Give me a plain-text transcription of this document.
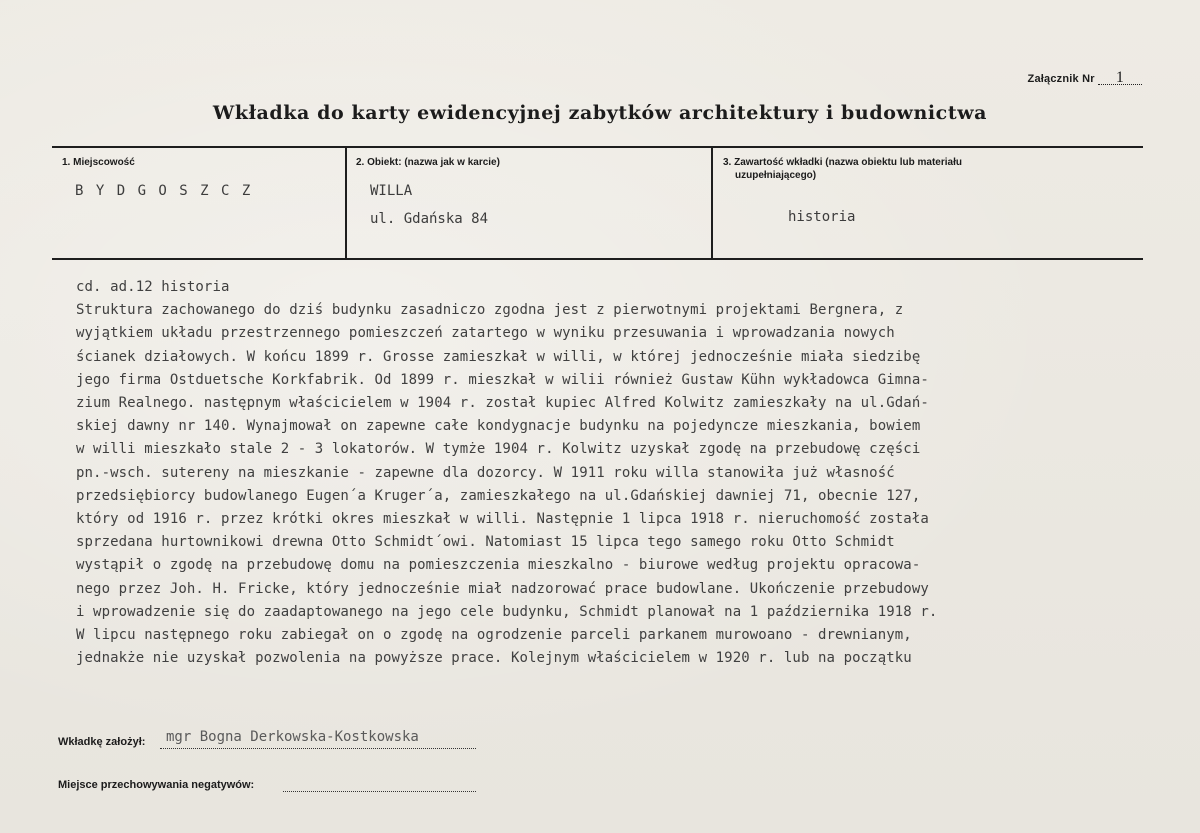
Załącznik Nr 1
Wkładka do karty ewidencyjnej zabytków architektury i budownictwa
1. Miejscowość
B Y D G O S Z C Z
2. Obiekt: (nazwa jak w karcie)
WILLA
ul. Gdańska 84
3. Zawartość wkładki (nazwa obiektu lub materiału
uzupełniającego)
historia
cd. ad.12 historia
Struktura zachowanego do dziś budynku zasadniczo zgodna jest z pierwotnymi projektami Bergnera, z
wyjątkiem układu przestrzennego pomieszczeń zatartego w wyniku przesuwania i wprowadzania nowych
ścianek działowych. W końcu 1899 r. Grosse zamieszkał w willi, w której jednocześnie miała siedzibę
jego firma Ostduetsche Korkfabrik. Od 1899 r. mieszkał w wilii również Gustaw Kühn wykładowca Gimna-
zium Realnego. następnym właścicielem w 1904 r. został kupiec Alfred Kolwitz zamieszkały na ul.Gdań-
skiej dawny nr 140. Wynajmował on zapewne całe kondygnacje budynku na pojedyncze mieszkania, bowiem
w willi mieszkało stale 2 - 3 lokatorów. W tymże 1904 r. Kolwitz uzyskał zgodę na przebudowę części
pn.-wsch. sutereny na mieszkanie - zapewne dla dozorcy. W 1911 roku willa stanowiła już własność
przedsiębiorcy budowlanego Eugen´a Kruger´a, zamieszkałego na ul.Gdańskiej dawniej 71, obecnie 127,
który od 1916 r. przez krótki okres mieszkał w willi. Następnie 1 lipca 1918 r. nieruchomość została
sprzedana hurtownikowi drewna Otto Schmidt´owi. Natomiast 15 lipca tego samego roku Otto Schmidt
wystąpił o zgodę na przebudowę domu na pomieszczenia mieszkalno - biurowe według projektu opracowa-
nego przez Joh. H. Fricke, który jednocześnie miał nadzorować prace budowlane. Ukończenie przebudowy
i wprowadzenie się do zaadaptowanego na jego cele budynku, Schmidt planował na 1 października 1918 r.
W lipcu następnego roku zabiegał on o zgodę na ogrodzenie parceli parkanem murowoano - drewnianym,
jednakże nie uzyskał pozwolenia na powyższe prace. Kolejnym właścicielem w 1920 r. lub na początku
Wkładkę założył: mgr Bogna Derkowska-Kostkowska
Miejsce przechowywania negatywów:
